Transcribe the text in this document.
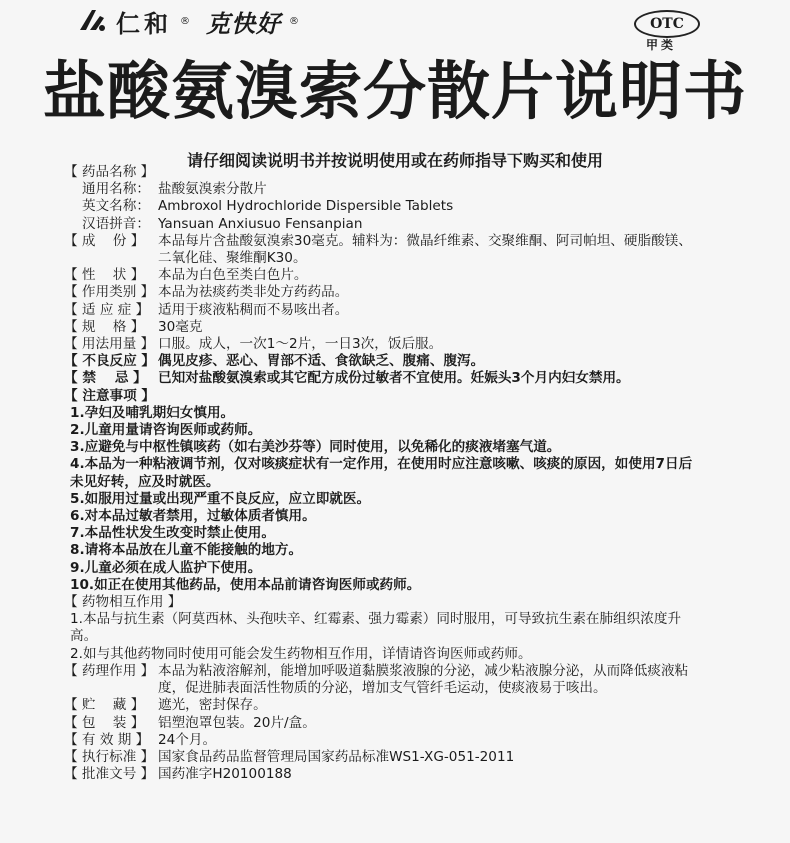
仁和 ® 克快好 ®	OTC
甲类
盐酸氨溴索分散片说明书
请仔细阅读说明书并按说明使用或在药师指导下购买和使用
【 药品名称 】
通用名称： 盐酸氨溴索分散片
英文名称： Ambroxol Hydrochloride Dispersible Tablets
汉语拼音： Yansuan Anxiusuo Fensanpian
【 成    份 】	本品每片含盐酸氨溴索30毫克。辅料为：微晶纤维素、交聚维酮、阿司帕坦、硬脂酸镁、二氧化硅、聚维酮K30。
【 性    状 】	本品为白色至类白色片。
【 作用类别 】 本品为祛痰药类非处方药药品。
【 适 应 症 】 适用于痰液粘稠而不易咳出者。
【 规    格 】	30毫克
【 用法用量 】 口服。成人，一次1～2片，一日3次，饭后服。
【 不良反应 】 偶见皮疹、恶心、胃部不适、食欲缺乏、腹痛、腹泻。
【 禁    忌 】 已知对盐酸氨溴索或其它配方成份过敏者不宜使用。妊娠头3个月内妇女禁用。
【 注意事项 】
1.孕妇及哺乳期妇女慎用。
2.儿童用量请咨询医师或药师。
3.应避免与中枢性镇咳药（如右美沙芬等）同时使用，以免稀化的痰液堵塞气道。
4.本品为一种粘液调节剂，仅对咳痰症状有一定作用，在使用时应注意咳嗽、咳痰的原因，如使用7日后未见好转，应及时就医。
5.如服用过量或出现严重不良反应，应立即就医。
6.对本品过敏者禁用，过敏体质者慎用。
7.本品性状发生改变时禁止使用。
8.请将本品放在儿童不能接触的地方。
9.儿童必须在成人监护下使用。
10.如正在使用其他药品，使用本品前请咨询医师或药师。
【 药物相互作用 】
1.本品与抗生素（阿莫西林、头孢呋辛、红霉素、强力霉素）同时服用，可导致抗生素在肺组织浓度升高。
2.如与其他药物同时使用可能会发生药物相互作用，详情请咨询医师或药师。
【 药理作用 】 本品为粘液溶解剂，能增加呼吸道黏膜浆液腺的分泌，减少粘液腺分泌，从而降低痰液粘度，促进肺表面活性物质的分泌，增加支气管纤毛运动，使痰液易于咳出。
【 贮    藏 】	遮光，密封保存。
【 包    装 】	铝塑泡罩包装。20片/盒。
【 有 效 期 】 24个月。
【 执行标准 】 国家食品药品监督管理局国家药品标准WS1-XG-051-2011
【 批准文号 】 国药准字H20100188
